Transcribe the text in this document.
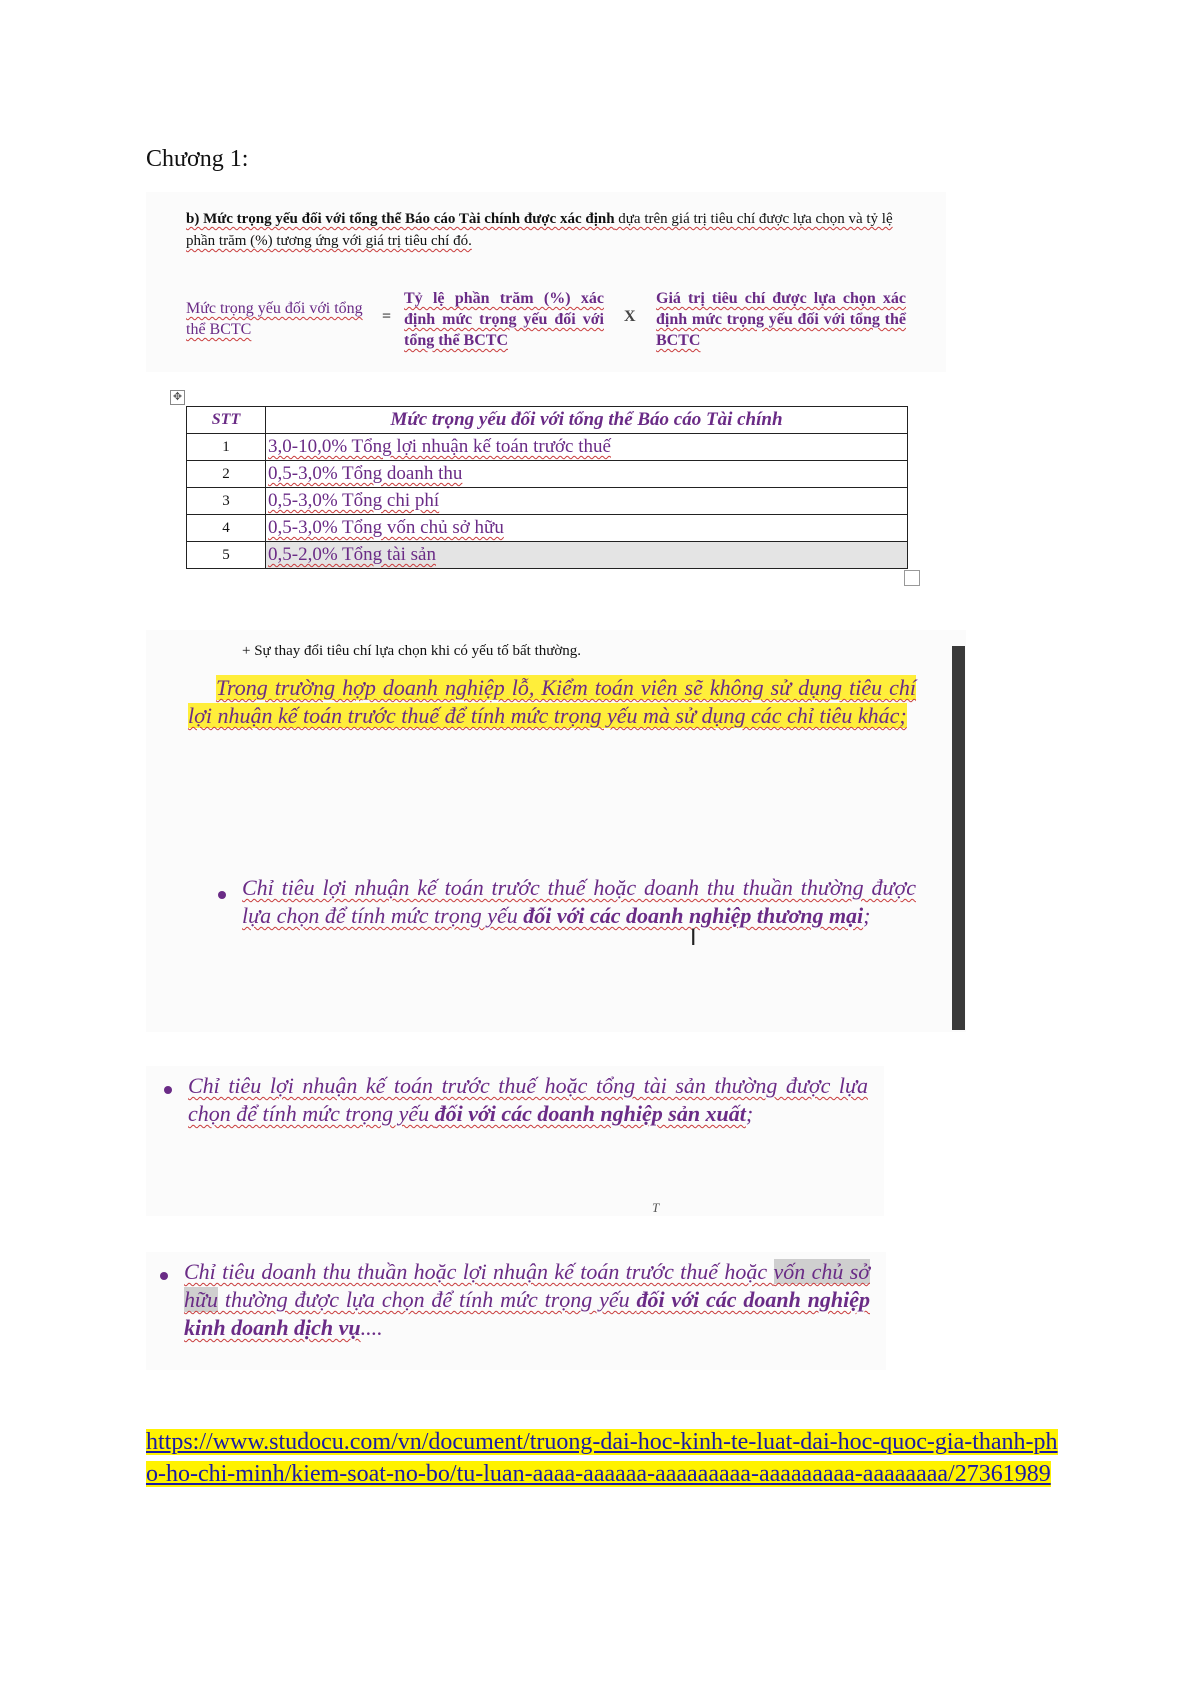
Chương 1:
b) Mức trọng yếu đối với tổng thể Báo cáo Tài chính được xác định dựa trên giá trị tiêu chí được lựa chọn và tỷ lệ phần trăm (%) tương ứng với giá trị tiêu chí đó.
Mức trọng yếu đối với tổng thể BCTC
=
Tỷ lệ phần trăm (%) xác định mức trọng yếu đối với tổng thể BCTC
X
Giá trị tiêu chí được lựa chọn xác định mức trọng yếu đối với tổng thể BCTC
✥
STT	Mức trọng yếu đối với tổng thể Báo cáo Tài chính
1	3,0-10,0% Tổng lợi nhuận kế toán trước thuế
2	0,5-3,0% Tổng doanh thu
3	0,5-3,0% Tổng chi phí
4	0,5-3,0% Tổng vốn chủ sở hữu
5	0,5-2,0% Tổng tài sản
+ Sự thay đổi tiêu chí lựa chọn khi có yếu tố bất thường.
Trong trường hợp doanh nghiệp lỗ, Kiểm toán viên sẽ không sử dụng tiêu chí lợi nhuận kế toán trước thuế để tính mức trọng yếu mà sử dụng các chỉ tiêu khác;
Chỉ tiêu lợi nhuận kế toán trước thuế hoặc doanh thu thuần thường được lựa chọn để tính mức trọng yếu đối với các doanh nghiệp thương mại;
I
Chỉ tiêu lợi nhuận kế toán trước thuế hoặc tổng tài sản thường được lựa chọn để tính mức trọng yếu đối với các doanh nghiệp sản xuất;
T
Chỉ tiêu doanh thu thuần hoặc lợi nhuận kế toán trước thuế hoặc vốn chủ sở hữu thường được lựa chọn để tính mức trọng yếu đối với các doanh nghiệp kinh doanh dịch vụ....
https://www.studocu.com/vn/document/truong-dai-hoc-kinh-te-luat-dai-hoc-quoc-gia-thanh-pho-ho-chi-minh/kiem-soat-no-bo/tu-luan-aaaa-aaaaaa-aaaaaaaaa-aaaaaaaaa-aaaaaaaa/27361989
